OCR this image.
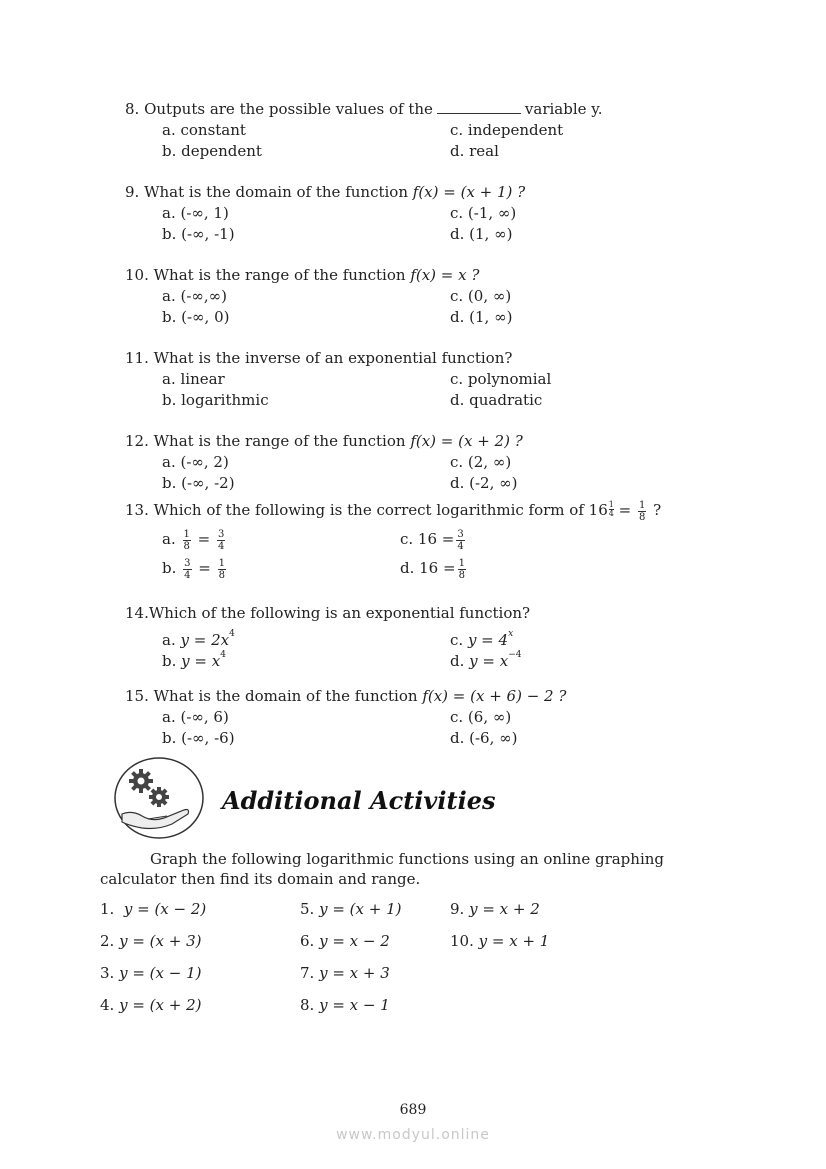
8. Outputs are the possible values of the	variable y.
a. constant
b. dependent
c. independent
d. real
9. What is the domain of the function f(x) = (x + 1) ?
a. (-∞, 1)
b. (-∞, -1)
c. (-1, ∞)
d. (1, ∞)
10. What is the range of the function f(x) = x ?
a. (-∞,∞)
b. (-∞, 0)
c. (0, ∞)
d. (1, ∞)
11. What is the inverse of an exponential function?
a. linear
b. logarithmic
c. polynomial
d. quadratic
12. What is the range of the function f(x) = (x + 2) ?
a. (-∞, 2)
b. (-∞, -2)
c. (2, ∞)
d. (-2, ∞)
13. Which of the following is the correct logarithmic form of $16 \frac{1}{4} = \frac{1}{8}$ ?
a. $\frac{1}{8} = \frac{3}{4}$
b. $\frac{3}{4} = \frac{1}{8}$
c. $16 = \frac{3}{4}$
d. $16 = \frac{1}{8}$
14.Which of the following is an exponential function?
a. $y = 2x^4$
b. $y = x^4$
c. $y = 4^x$
d. $y = x^{-4}$
15. What is the domain of the function f(x) = (x + 6) − 2 ?
a. (-∞, 6)
b. (-∞, -6)
c. (6, ∞)
d. (-6, ∞)
Additional Activities
Graph the following logarithmic functions using an online graphing
calculator then find its domain and range.
1. y = (x − 2)
2. y = (x + 3)
3. y = (x − 1)
4. y = (x + 2)
5. y = (x + 1)
6. y = x − 2
7. y = x + 3
8. y = x − 1
9. y = x + 2
10. y = x + 1
689
www.modyul.online
